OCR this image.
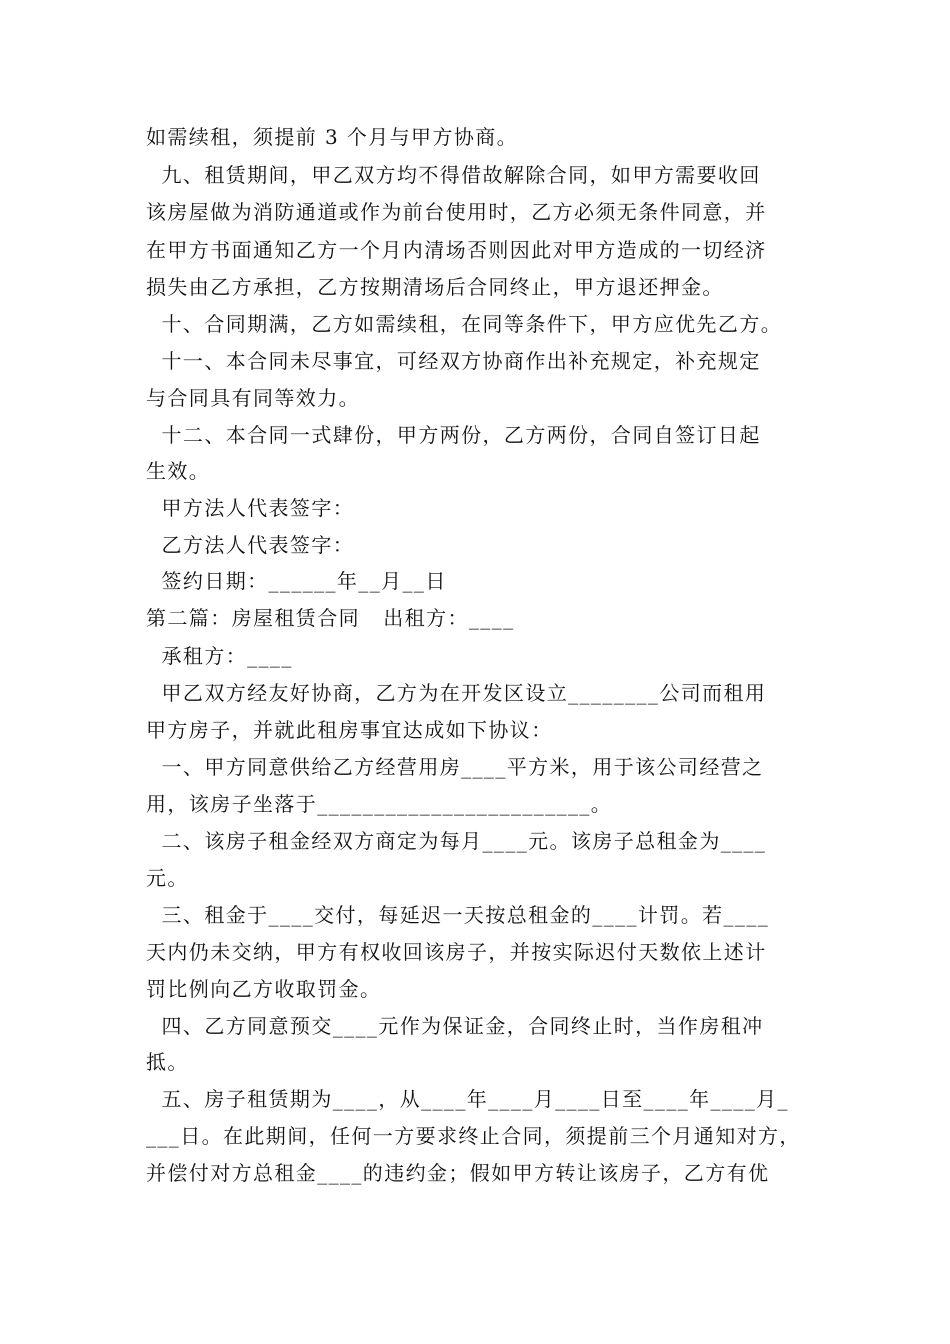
如需续租，须提前 3 个月与甲方协商。
九、租赁期间，甲乙双方均不得借故解除合同，如甲方需要收回
该房屋做为消防通道或作为前台使用时，乙方必须无条件同意，并
在甲方书面通知乙方一个月内清场否则因此对甲方造成的一切经济
损失由乙方承担，乙方按期清场后合同终止，甲方退还押金。
十、合同期满，乙方如需续租，在同等条件下，甲方应优先乙方。
十一、本合同未尽事宜，可经双方协商作出补充规定，补充规定
与合同具有同等效力。
十二、本合同一式肆份，甲方两份，乙方两份，合同自签订日起
生效。
甲方法人代表签字：
乙方法人代表签字：
签约日期：______年__月__日
第二篇：房屋租赁合同   出租方：____
承租方：____
甲乙双方经友好协商，乙方为在开发区设立________公司而租用
甲方房子，并就此租房事宜达成如下协议：
一、甲方同意供给乙方经营用房____平方米，用于该公司经营之
用，该房子坐落于________________________。
二、该房子租金经双方商定为每月____元。该房子总租金为____
元。
三、租金于____交付，每延迟一天按总租金的____计罚。若____
天内仍未交纳，甲方有权收回该房子，并按实际迟付天数依上述计
罚比例向乙方收取罚金。
四、乙方同意预交____元作为保证金，合同终止时，当作房租冲
抵。
五、房子租赁期为____，从____年____月____日至____年____月_
___日。在此期间，任何一方要求终止合同，须提前三个月通知对方，
并偿付对方总租金____的违约金；假如甲方转让该房子，乙方有优
